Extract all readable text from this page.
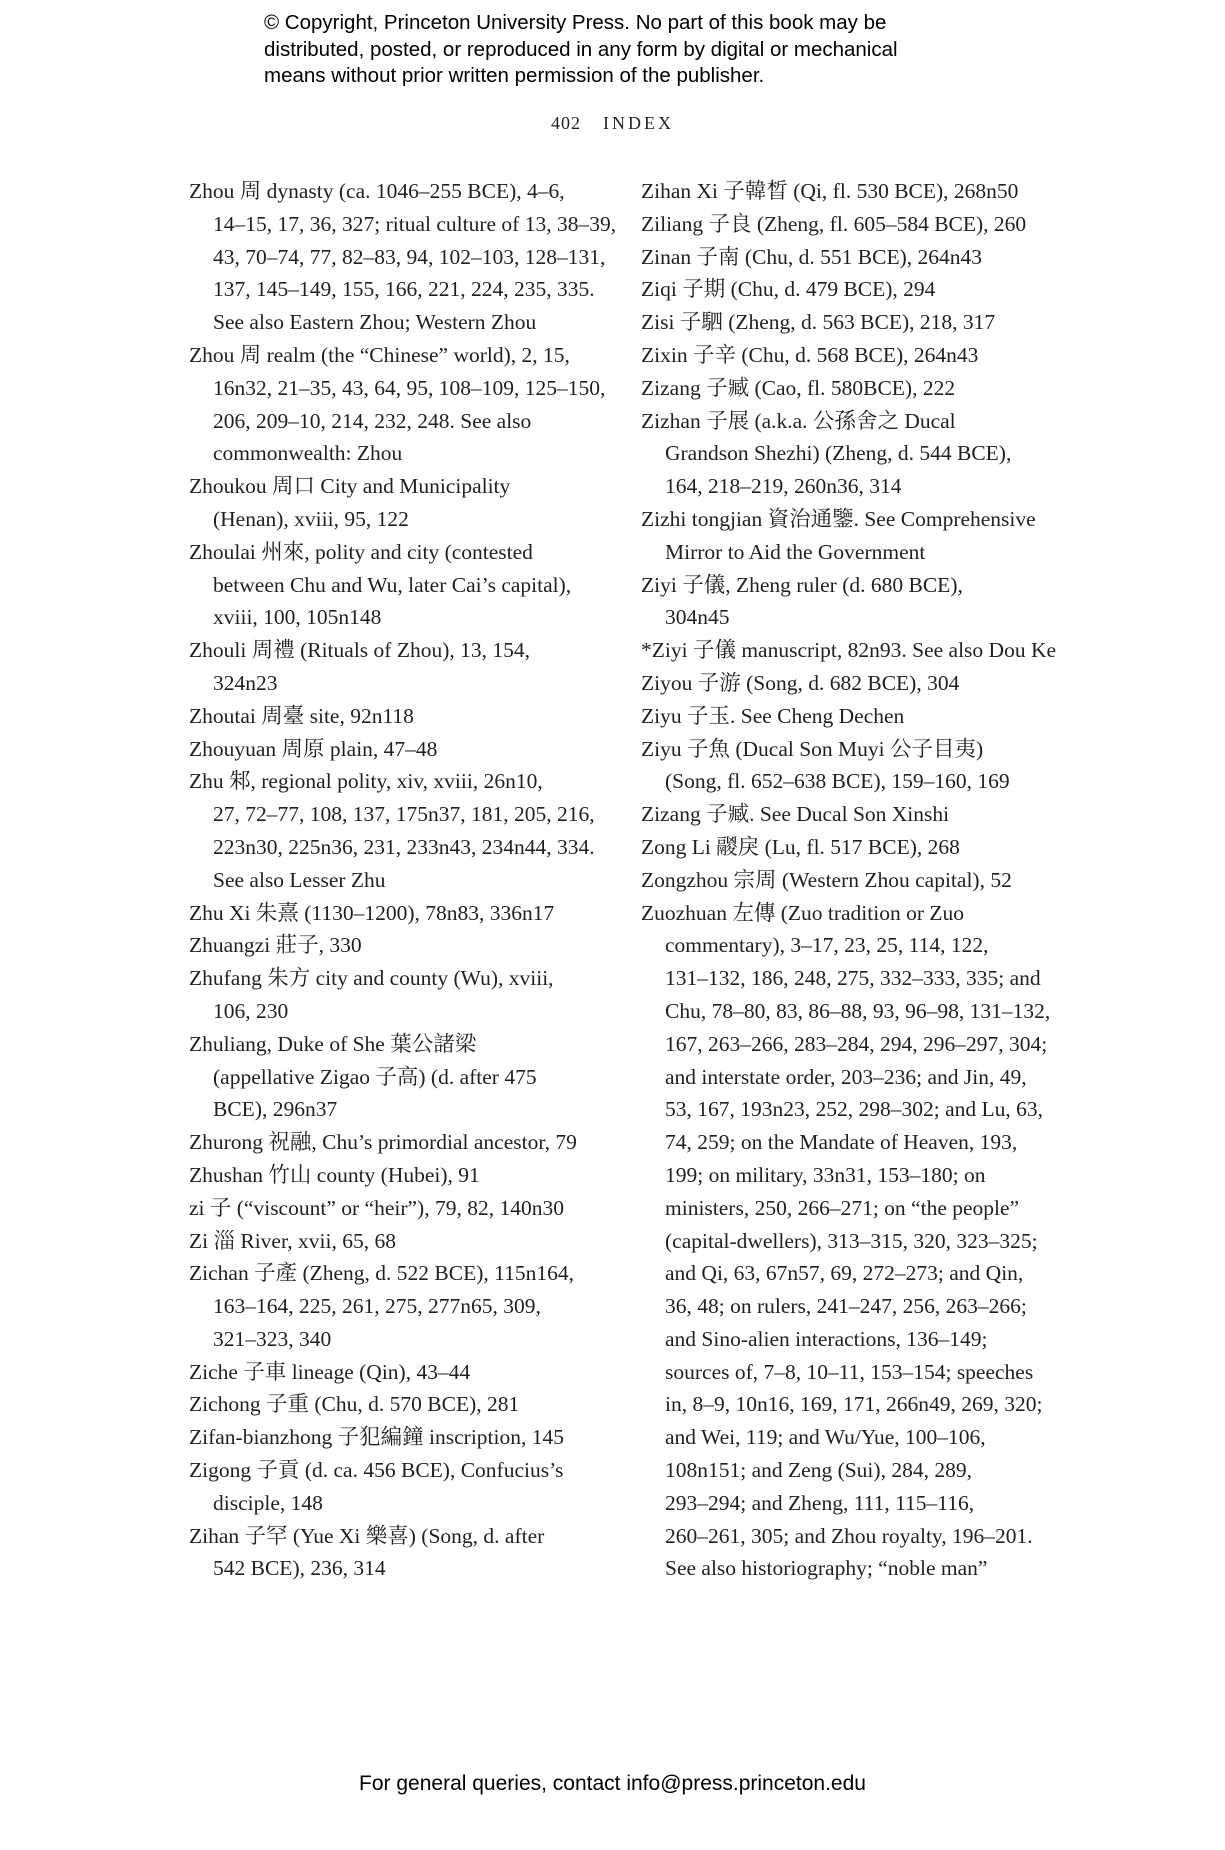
© Copyright, Princeton University Press. No part of this book may be
distributed, posted, or reproduced in any form by digital or mechanical
means without prior written permission of the publisher.
402 INDEX
Zhou 周 dynasty (ca. 1046–255 BCE), 4–6,
14–15, 17, 36, 327; ritual culture of 13, 38–39,
43, 70–74, 77, 82–83, 94, 102–103, 128–131,
137, 145–149, 155, 166, 221, 224, 235, 335.
See also Eastern Zhou; Western Zhou
Zhou 周 realm (the “Chinese” world), 2, 15,
16n32, 21–35, 43, 64, 95, 108–109, 125–150,
206, 209–10, 214, 232, 248. See also
commonwealth: Zhou
Zhoukou 周口 City and Municipality
(Henan), xviii, 95, 122
Zhoulai 州來, polity and city (contested
between Chu and Wu, later Cai’s capital),
xviii, 100, 105n148
Zhouli 周禮 (Rituals of Zhou), 13, 154,
324n23
Zhoutai 周臺 site, 92n118
Zhouyuan 周原 plain, 47–48
Zhu 邾, regional polity, xiv, xviii, 26n10,
27, 72–77, 108, 137, 175n37, 181, 205, 216,
223n30, 225n36, 231, 233n43, 234n44, 334.
See also Lesser Zhu
Zhu Xi 朱熹 (1130–1200), 78n83, 336n17
Zhuangzi 莊子, 330
Zhufang 朱方 city and county (Wu), xviii,
106, 230
Zhuliang, Duke of She 葉公諸梁
(appellative Zigao 子高) (d. after 475
BCE), 296n37
Zhurong 祝融, Chu’s primordial ancestor, 79
Zhushan 竹山 county (Hubei), 91
zi 子 (“viscount” or “heir”), 79, 82, 140n30
Zi 淄 River, xvii, 65, 68
Zichan 子產 (Zheng, d. 522 BCE), 115n164,
163–164, 225, 261, 275, 277n65, 309,
321–323, 340
Ziche 子車 lineage (Qin), 43–44
Zichong 子重 (Chu, d. 570 BCE), 281
Zifan-bianzhong 子犯編鐘 inscription, 145
Zigong 子貢 (d. ca. 456 BCE), Confucius’s
disciple, 148
Zihan 子罕 (Yue Xi 樂喜) (Song, d. after
542 BCE), 236, 314
Zihan Xi 子韓晳 (Qi, fl. 530 BCE), 268n50
Ziliang 子良 (Zheng, fl. 605–584 BCE), 260
Zinan 子南 (Chu, d. 551 BCE), 264n43
Ziqi 子期 (Chu, d. 479 BCE), 294
Zisi 子駟 (Zheng, d. 563 BCE), 218, 317
Zixin 子辛 (Chu, d. 568 BCE), 264n43
Zizang 子臧 (Cao, fl. 580BCE), 222
Zizhan 子展 (a.k.a. 公孫舍之 Ducal
Grandson Shezhi) (Zheng, d. 544 BCE),
164, 218–219, 260n36, 314
Zizhi tongjian 資治通鑒. See Comprehensive
Mirror to Aid the Government
Ziyi 子儀, Zheng ruler (d. 680 BCE),
304n45
*Ziyi 子儀 manuscript, 82n93. See also Dou Ke
Ziyou 子游 (Song, d. 682 BCE), 304
Ziyu 子玉. See Cheng Dechen
Ziyu 子魚 (Ducal Son Muyi 公子目夷)
(Song, fl. 652–638 BCE), 159–160, 169
Zizang 子臧. See Ducal Son Xinshi
Zong Li 鬷戾 (Lu, fl. 517 BCE), 268
Zongzhou 宗周 (Western Zhou capital), 52
Zuozhuan 左傳 (Zuo tradition or Zuo
commentary), 3–17, 23, 25, 114, 122,
131–132, 186, 248, 275, 332–333, 335; and
Chu, 78–80, 83, 86–88, 93, 96–98, 131–132,
167, 263–266, 283–284, 294, 296–297, 304;
and interstate order, 203–236; and Jin, 49,
53, 167, 193n23, 252, 298–302; and Lu, 63,
74, 259; on the Mandate of Heaven, 193,
199; on military, 33n31, 153–180; on
ministers, 250, 266–271; on “the people”
(capital-dwellers), 313–315, 320, 323–325;
and Qi, 63, 67n57, 69, 272–273; and Qin,
36, 48; on rulers, 241–247, 256, 263–266;
and Sino-alien interactions, 136–149;
sources of, 7–8, 10–11, 153–154; speeches
in, 8–9, 10n16, 169, 171, 266n49, 269, 320;
and Wei, 119; and Wu/Yue, 100–106,
108n151; and Zeng (Sui), 284, 289,
293–294; and Zheng, 111, 115–116,
260–261, 305; and Zhou royalty, 196–201.
See also historiography; “noble man”
For general queries, contact info@press.princeton.edu
